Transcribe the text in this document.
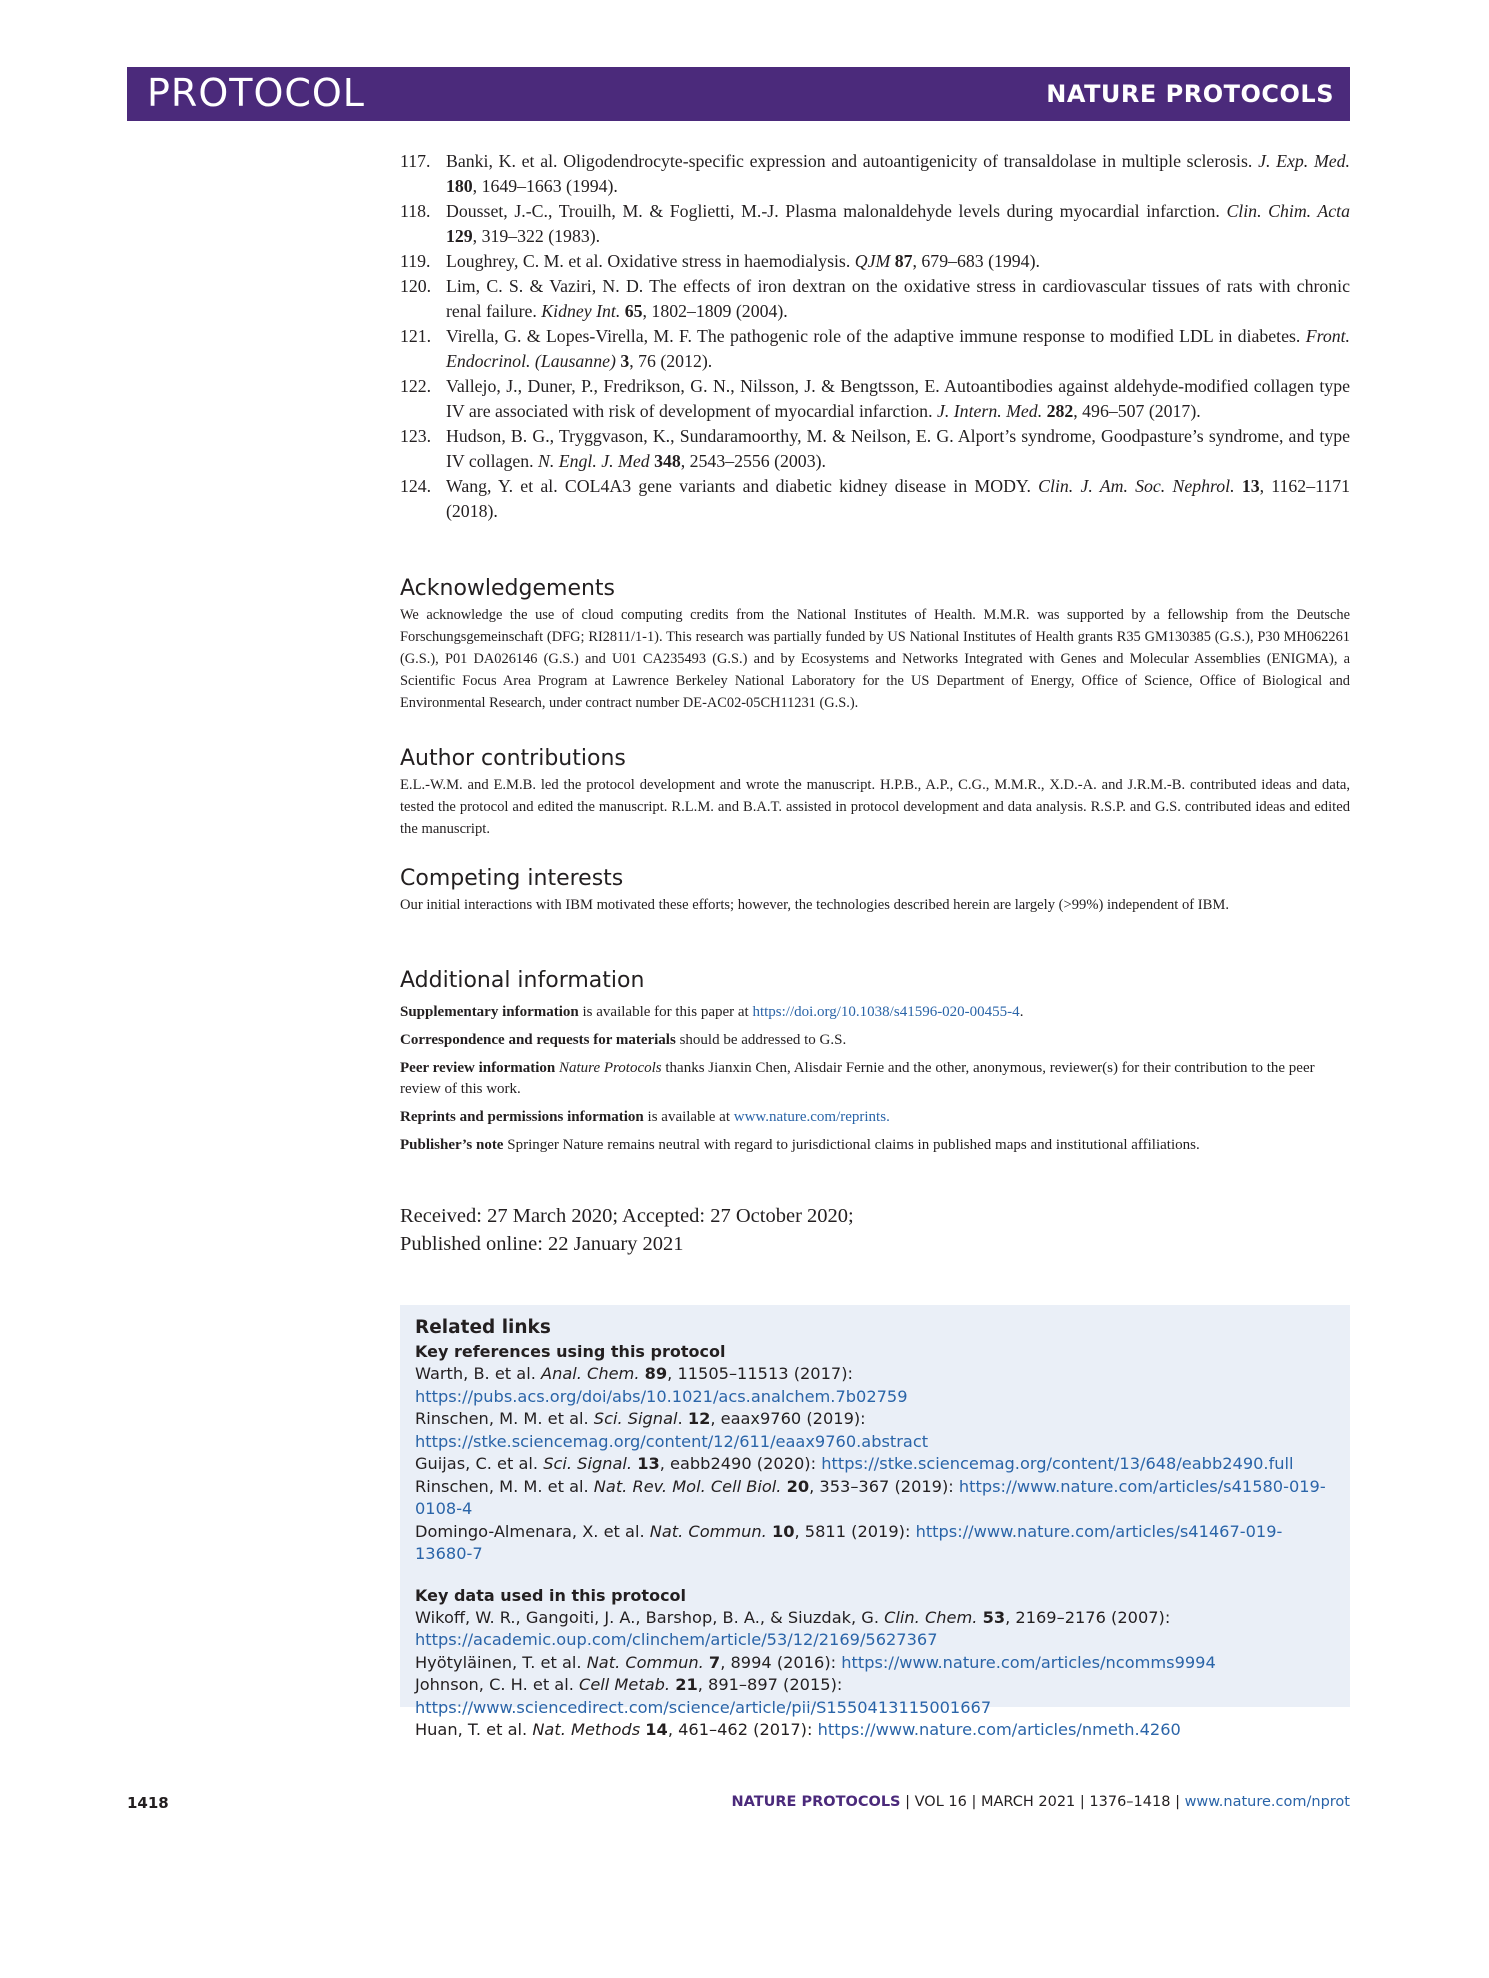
PROTOCOL	NATURE PROTOCOLS
117. Banki, K. et al. Oligodendrocyte-specific expression and autoantigenicity of transaldolase in multiple sclerosis. J. Exp. Med. 180, 1649–1663 (1994).
118. Dousset, J.-C., Trouilh, M. & Foglietti, M.-J. Plasma malonaldehyde levels during myocardial infarction. Clin. Chim. Acta 129, 319–322 (1983).
119. Loughrey, C. M. et al. Oxidative stress in haemodialysis. QJM 87, 679–683 (1994).
120. Lim, C. S. & Vaziri, N. D. The effects of iron dextran on the oxidative stress in cardiovascular tissues of rats with chronic renal failure. Kidney Int. 65, 1802–1809 (2004).
121. Virella, G. & Lopes-Virella, M. F. The pathogenic role of the adaptive immune response to modified LDL in diabetes. Front. Endocrinol. (Lausanne) 3, 76 (2012).
122. Vallejo, J., Duner, P., Fredrikson, G. N., Nilsson, J. & Bengtsson, E. Autoantibodies against aldehyde-modified collagen type IV are associated with risk of development of myocardial infarction. J. Intern. Med. 282, 496–507 (2017).
123. Hudson, B. G., Tryggvason, K., Sundaramoorthy, M. & Neilson, E. G. Alport’s syndrome, Goodpasture’s syndrome, and type IV collagen. N. Engl. J. Med 348, 2543–2556 (2003).
124. Wang, Y. et al. COL4A3 gene variants and diabetic kidney disease in MODY. Clin. J. Am. Soc. Nephrol. 13, 1162–1171 (2018).
Acknowledgements
We acknowledge the use of cloud computing credits from the National Institutes of Health. M.M.R. was supported by a fellowship from the Deutsche Forschungsgemeinschaft (DFG; RI2811/1-1). This research was partially funded by US National Institutes of Health grants R35 GM130385 (G.S.), P30 MH062261 (G.S.), P01 DA026146 (G.S.) and U01 CA235493 (G.S.) and by Ecosystems and Networks Integrated with Genes and Molecular Assemblies (ENIGMA), a Scientific Focus Area Program at Lawrence Berkeley National Laboratory for the US Department of Energy, Office of Science, Office of Biological and Environmental Research, under contract number DE-AC02-05CH11231 (G.S.).
Author contributions
E.L.-W.M. and E.M.B. led the protocol development and wrote the manuscript. H.P.B., A.P., C.G., M.M.R., X.D.-A. and J.R.M.-B. contributed ideas and data, tested the protocol and edited the manuscript. R.L.M. and B.A.T. assisted in protocol development and data analysis. R.S.P. and G.S. contributed ideas and edited the manuscript.
Competing interests
Our initial interactions with IBM motivated these efforts; however, the technologies described herein are largely (>99%) independent of IBM.
Additional information

Supplementary information is available for this paper at https://doi.org/10.1038/s41596-020-00455-4.

Correspondence and requests for materials should be addressed to G.S.

Peer review information Nature Protocols thanks Jianxin Chen, Alisdair Fernie and the other, anonymous, reviewer(s) for their contribution to the peer review of this work.

Reprints and permissions information is available at www.nature.com/reprints.

Publisher’s note Springer Nature remains neutral with regard to jurisdictional claims in published maps and institutional affiliations.

Received: 27 March 2020; Accepted: 27 October 2020;
Published online: 22 January 2021
Related links
Key references using this protocol
Warth, B. et al. Anal. Chem. 89, 11505–11513 (2017): https://pubs.acs.org/doi/abs/10.1021/acs.analchem.7b02759
Rinschen, M. M. et al. Sci. Signal. 12, eaax9760 (2019): https://stke.sciencemag.org/content/12/611/eaax9760.abstract
Guijas, C. et al. Sci. Signal. 13, eabb2490 (2020): https://stke.sciencemag.org/content/13/648/eabb2490.full
Rinschen, M. M. et al. Nat. Rev. Mol. Cell Biol. 20, 353–367 (2019): https://www.nature.com/articles/s41580-019-0108-4
Domingo-Almenara, X. et al. Nat. Commun. 10, 5811 (2019): https://www.nature.com/articles/s41467-019-13680-7
Key data used in this protocol
Wikoff, W. R., Gangoiti, J. A., Barshop, B. A., & Siuzdak, G. Clin. Chem. 53, 2169–2176 (2007): https://academic.oup.com/clinchem/article/53/12/2169/5627367
Hyötyläinen, T. et al. Nat. Commun. 7, 8994 (2016): https://www.nature.com/articles/ncomms9994
Johnson, C. H. et al. Cell Metab. 21, 891–897 (2015): https://www.sciencedirect.com/science/article/pii/S1550413115001667
Huan, T. et al. Nat. Methods 14, 461–462 (2017): https://www.nature.com/articles/nmeth.4260
1418	NATURE PROTOCOLS | VOL 16 | MARCH 2021 | 1376–1418 | www.nature.com/nprot
